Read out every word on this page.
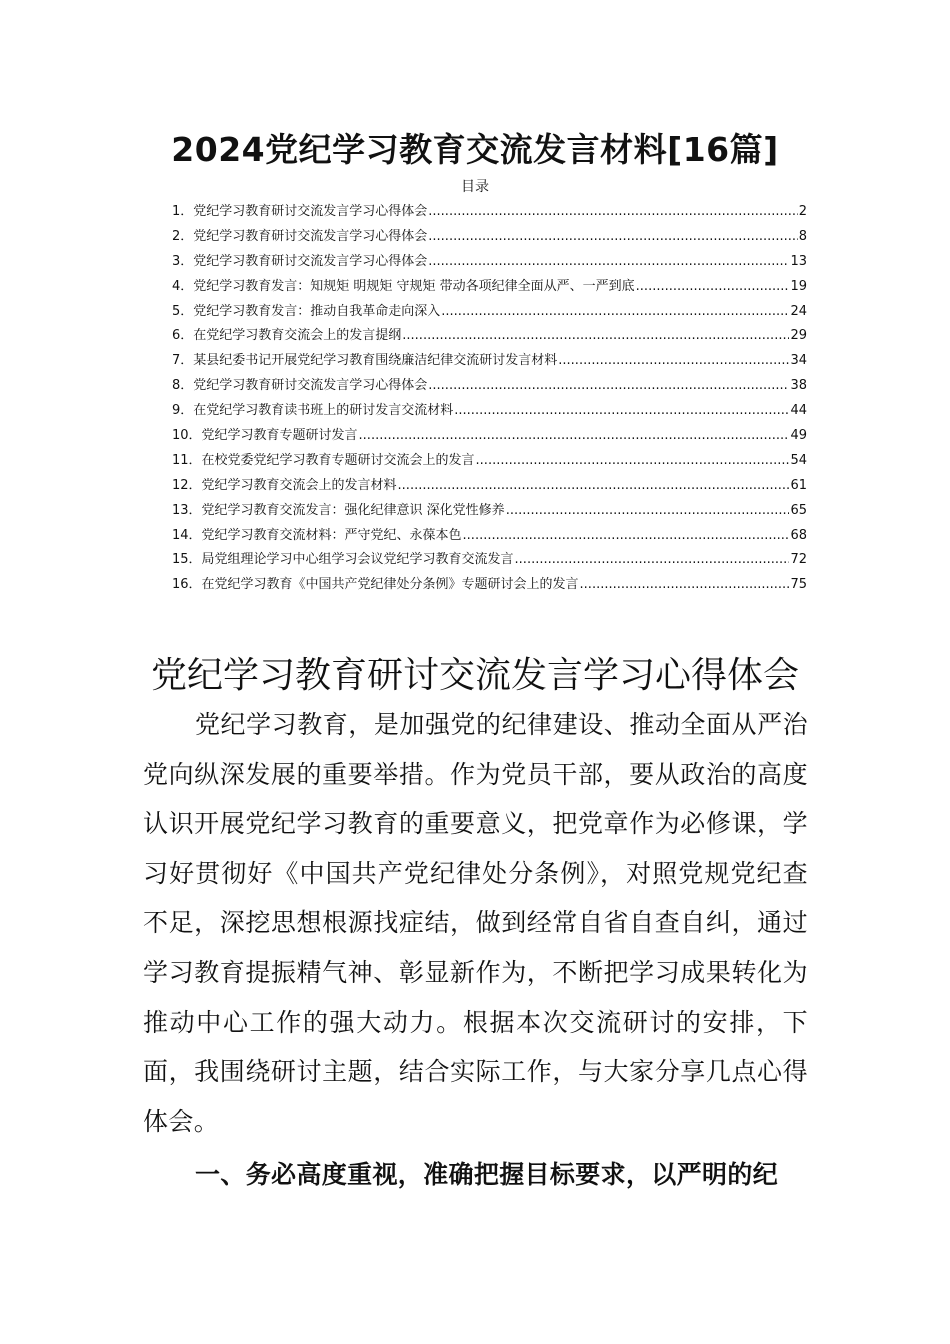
2024党纪学习教育交流发言材料[16篇]
目录
1．党纪学习教育研讨交流发言学习心得体会 .....	2
2．党纪学习教育研讨交流发言学习心得体会 .....	8
3．党纪学习教育研讨交流发言学习心得体会 .....	13
4．党纪学习教育发言：知规矩 明规矩 守规矩 带动各项纪律全面从严、一严到底 .....	19
5．党纪学习教育发言：推动自我革命走向深入 .....	24
6．在党纪学习教育交流会上的发言提纲 .....	29
7．某县纪委书记开展党纪学习教育围绕廉洁纪律交流研讨发言材料 .....	34
8．党纪学习教育研讨交流发言学习心得体会 .....	38
9．在党纪学习教育读书班上的研讨发言交流材料 .....	44
10．党纪学习教育专题研讨发言 .....	49
11．在校党委党纪学习教育专题研讨交流会上的发言 .....	54
12．党纪学习教育交流会上的发言材料 .....	61
13．党纪学习教育交流发言：强化纪律意识 深化党性修养 .....	65
14．党纪学习教育交流材料：严守党纪、永葆本色 .....	68
15．局党组理论学习中心组学习会议党纪学习教育交流发言 .....	72
16．在党纪学习教育《中国共产党纪律处分条例》专题研讨会上的发言 .....	75
党纪学习教育研讨交流发言学习心得体会

党纪学习教育，是加强党的纪律建设、推动全面从严治党向纵深发展的重要举措。作为党员干部，要从政治的高度认识开展党纪学习教育的重要意义，把党章作为必修课，学习好贯彻好《中国共产党纪律处分条例》，对照党规党纪查不足，深挖思想根源找症结，做到经常自省自查自纠，通过学习教育提振精气神、彰显新作为，不断把学习成果转化为推动中心工作的强大动力。根据本次交流研讨的安排，下面，我围绕研讨主题，结合实际工作，与大家分享几点心得体会。

一、务必高度重视，准确把握目标要求，以严明的纪
